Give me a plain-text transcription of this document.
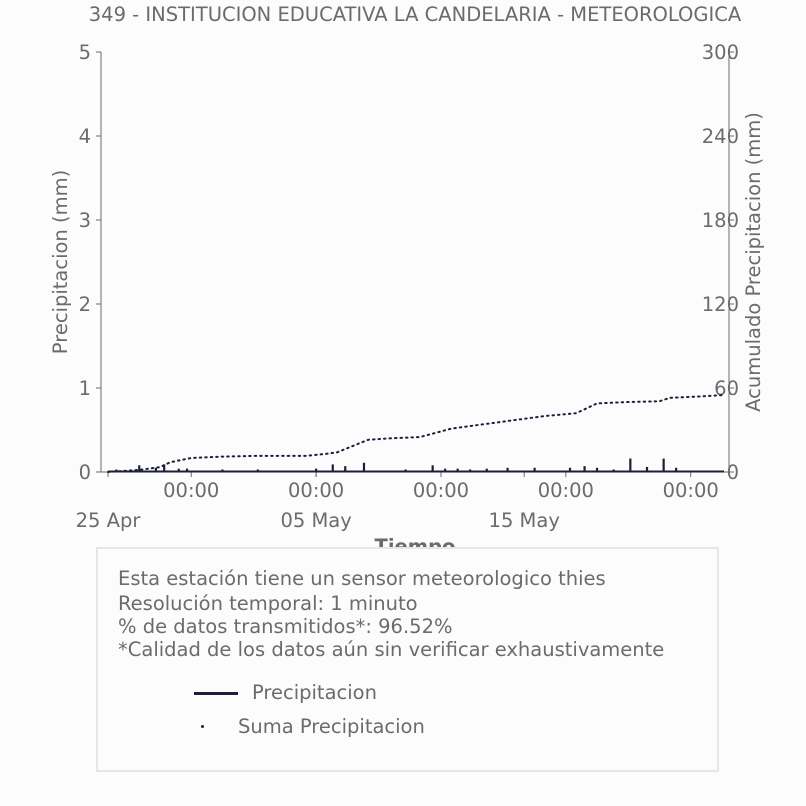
349 - INSTITUCION EDUCATIVA LA CANDELARIA - METEOROLOGICA
Precipitacion (mm)	Acumulado Precipitacion (mm)
0
1
2
3
4
5
0
60
120
180
240
300
00:00	00:00	00:00	00:00	00:00
25 Apr	05 May	15 May
Esta estación tiene un sensor meteorologico thies
Resolución temporal: 1 minuto
% de datos transmitidos*: 96.52%
*Calidad de los datos aún sin verificar exhaustivamente
Precipitacion
Suma Precipitacion
